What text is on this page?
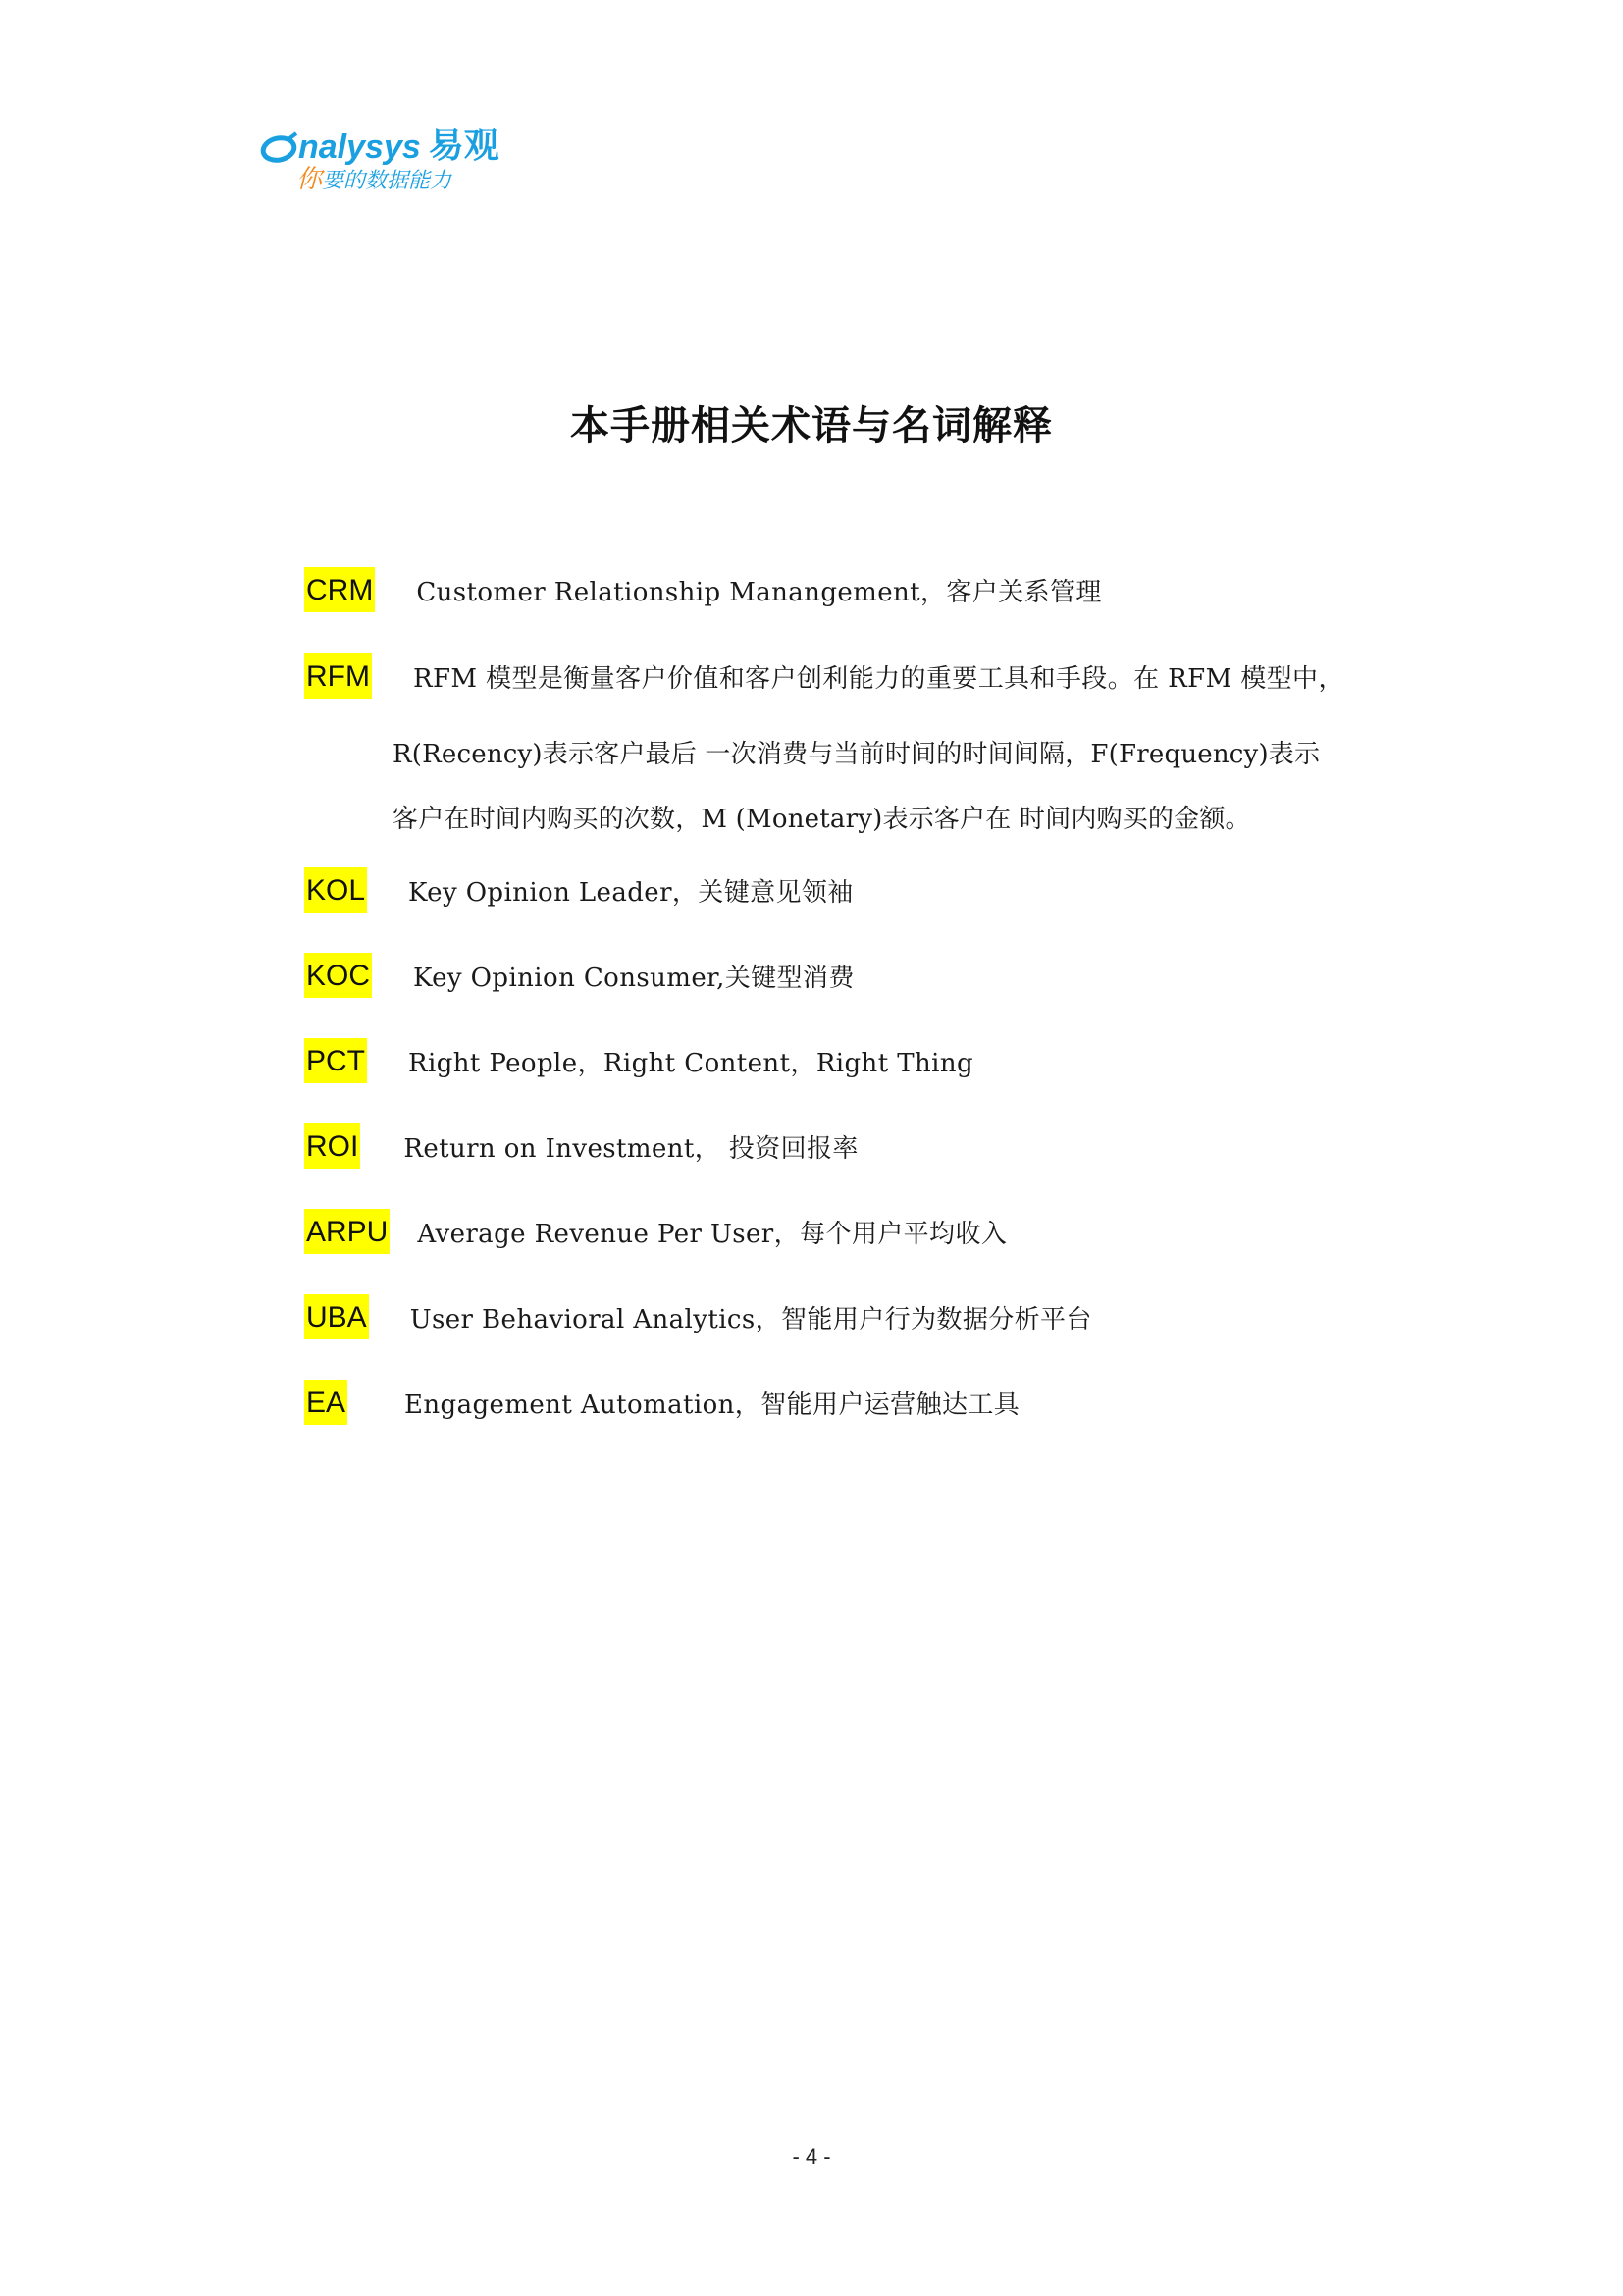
nalysys 易观
你要的数据能力
本手册相关术语与名词解释
CRM Customer Relationship Manangement，客户关系管理
RFM RFM 模型是衡量客户价值和客户创利能力的重要工具和手段。在 RFM 模型中，
R(Recency)表示客户最后 一次消费与当前时间的时间间隔，F(Frequency)表示
客户在时间内购买的次数，M (Monetary)表示客户在 时间内购买的金额。
KOL Key Opinion Leader，关键意见领袖
KOC Key Opinion Consumer,关键型消费
PCT Right People，Right Content，Right Thing
ROI Return on Investment， 投资回报率
ARPU Average Revenue Per User，每个用户平均收入
UBA User Behavioral Analytics，智能用户行为数据分析平台
EA Engagement Automation，智能用户运营触达工具
- 4 -
